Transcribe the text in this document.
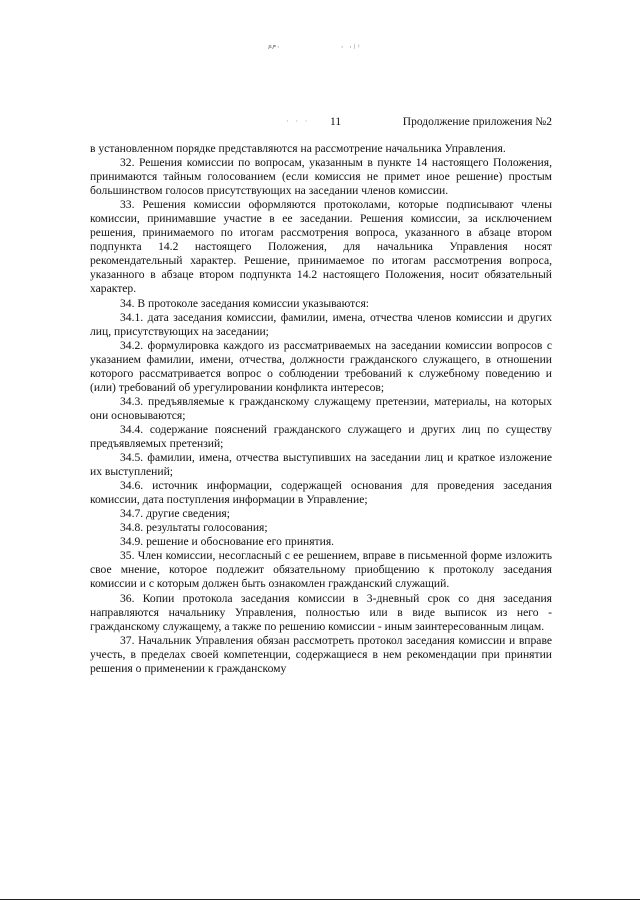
ጾፆ·	· ·ʲᶦ
· · · 11	Продолжение приложения №2

в установленном порядке представляются на рассмотрение начальника Управления.

32. Решения комиссии по вопросам, указанным в пункте 14 настоящего Положения, принимаются тайным голосованием (если комиссия не примет иное решение) простым большинством голосов присутствующих на заседании членов комиссии.

33. Решения комиссии оформляются протоколами, которые подписывают члены комиссии, принимавшие участие в ее заседании. Решения комиссии, за исключением решения, принимаемого по итогам рассмотрения вопроса, указанного в абзаце втором подпункта 14.2 настоящего Положения, для начальника Управления носят рекомендательный характер. Решение, принимаемое по итогам рассмотрения вопроса, указанного в абзаце втором подпункта 14.2 настоящего Положения, носит обязательный характер.

34. В протоколе заседания комиссии указываются:

34.1. дата заседания комиссии, фамилии, имена, отчества членов комиссии и других лиц, присутствующих на заседании;

34.2. формулировка каждого из рассматриваемых на заседании комиссии вопросов с указанием фамилии, имени, отчества, должности гражданского служащего, в отношении которого рассматривается вопрос о соблюдении требований к служебному поведению и (или) требований об урегулировании конфликта интересов;

34.3. предъявляемые к гражданскому служащему претензии, материалы, на которых они основываются;

34.4. содержание пояснений гражданского служащего и других лиц по существу предъявляемых претензий;

34.5. фамилии, имена, отчества выступивших на заседании лиц и краткое изложение их выступлений;

34.6. источник информации, содержащей основания для проведения заседания комиссии, дата поступления информации в Управление;

34.7. другие сведения;

34.8. результаты голосования;

34.9. решение и обоснование его принятия.

35. Член комиссии, несогласный с ее решением, вправе в письменной форме изложить свое мнение, которое подлежит обязательному приобщению к протоколу заседания комиссии и с которым должен быть ознакомлен гражданский служащий.

36. Копии протокола заседания комиссии в 3-дневный срок со дня заседания направляются начальнику Управления, полностью или в виде выписок из него - гражданскому служащему, а также по решению комиссии - иным заинтересованным лицам.

37. Начальник Управления обязан рассмотреть протокол заседания комиссии и вправе учесть, в пределах своей компетенции, содержащиеся в нем рекомендации при принятии решения о применении к гражданскому
